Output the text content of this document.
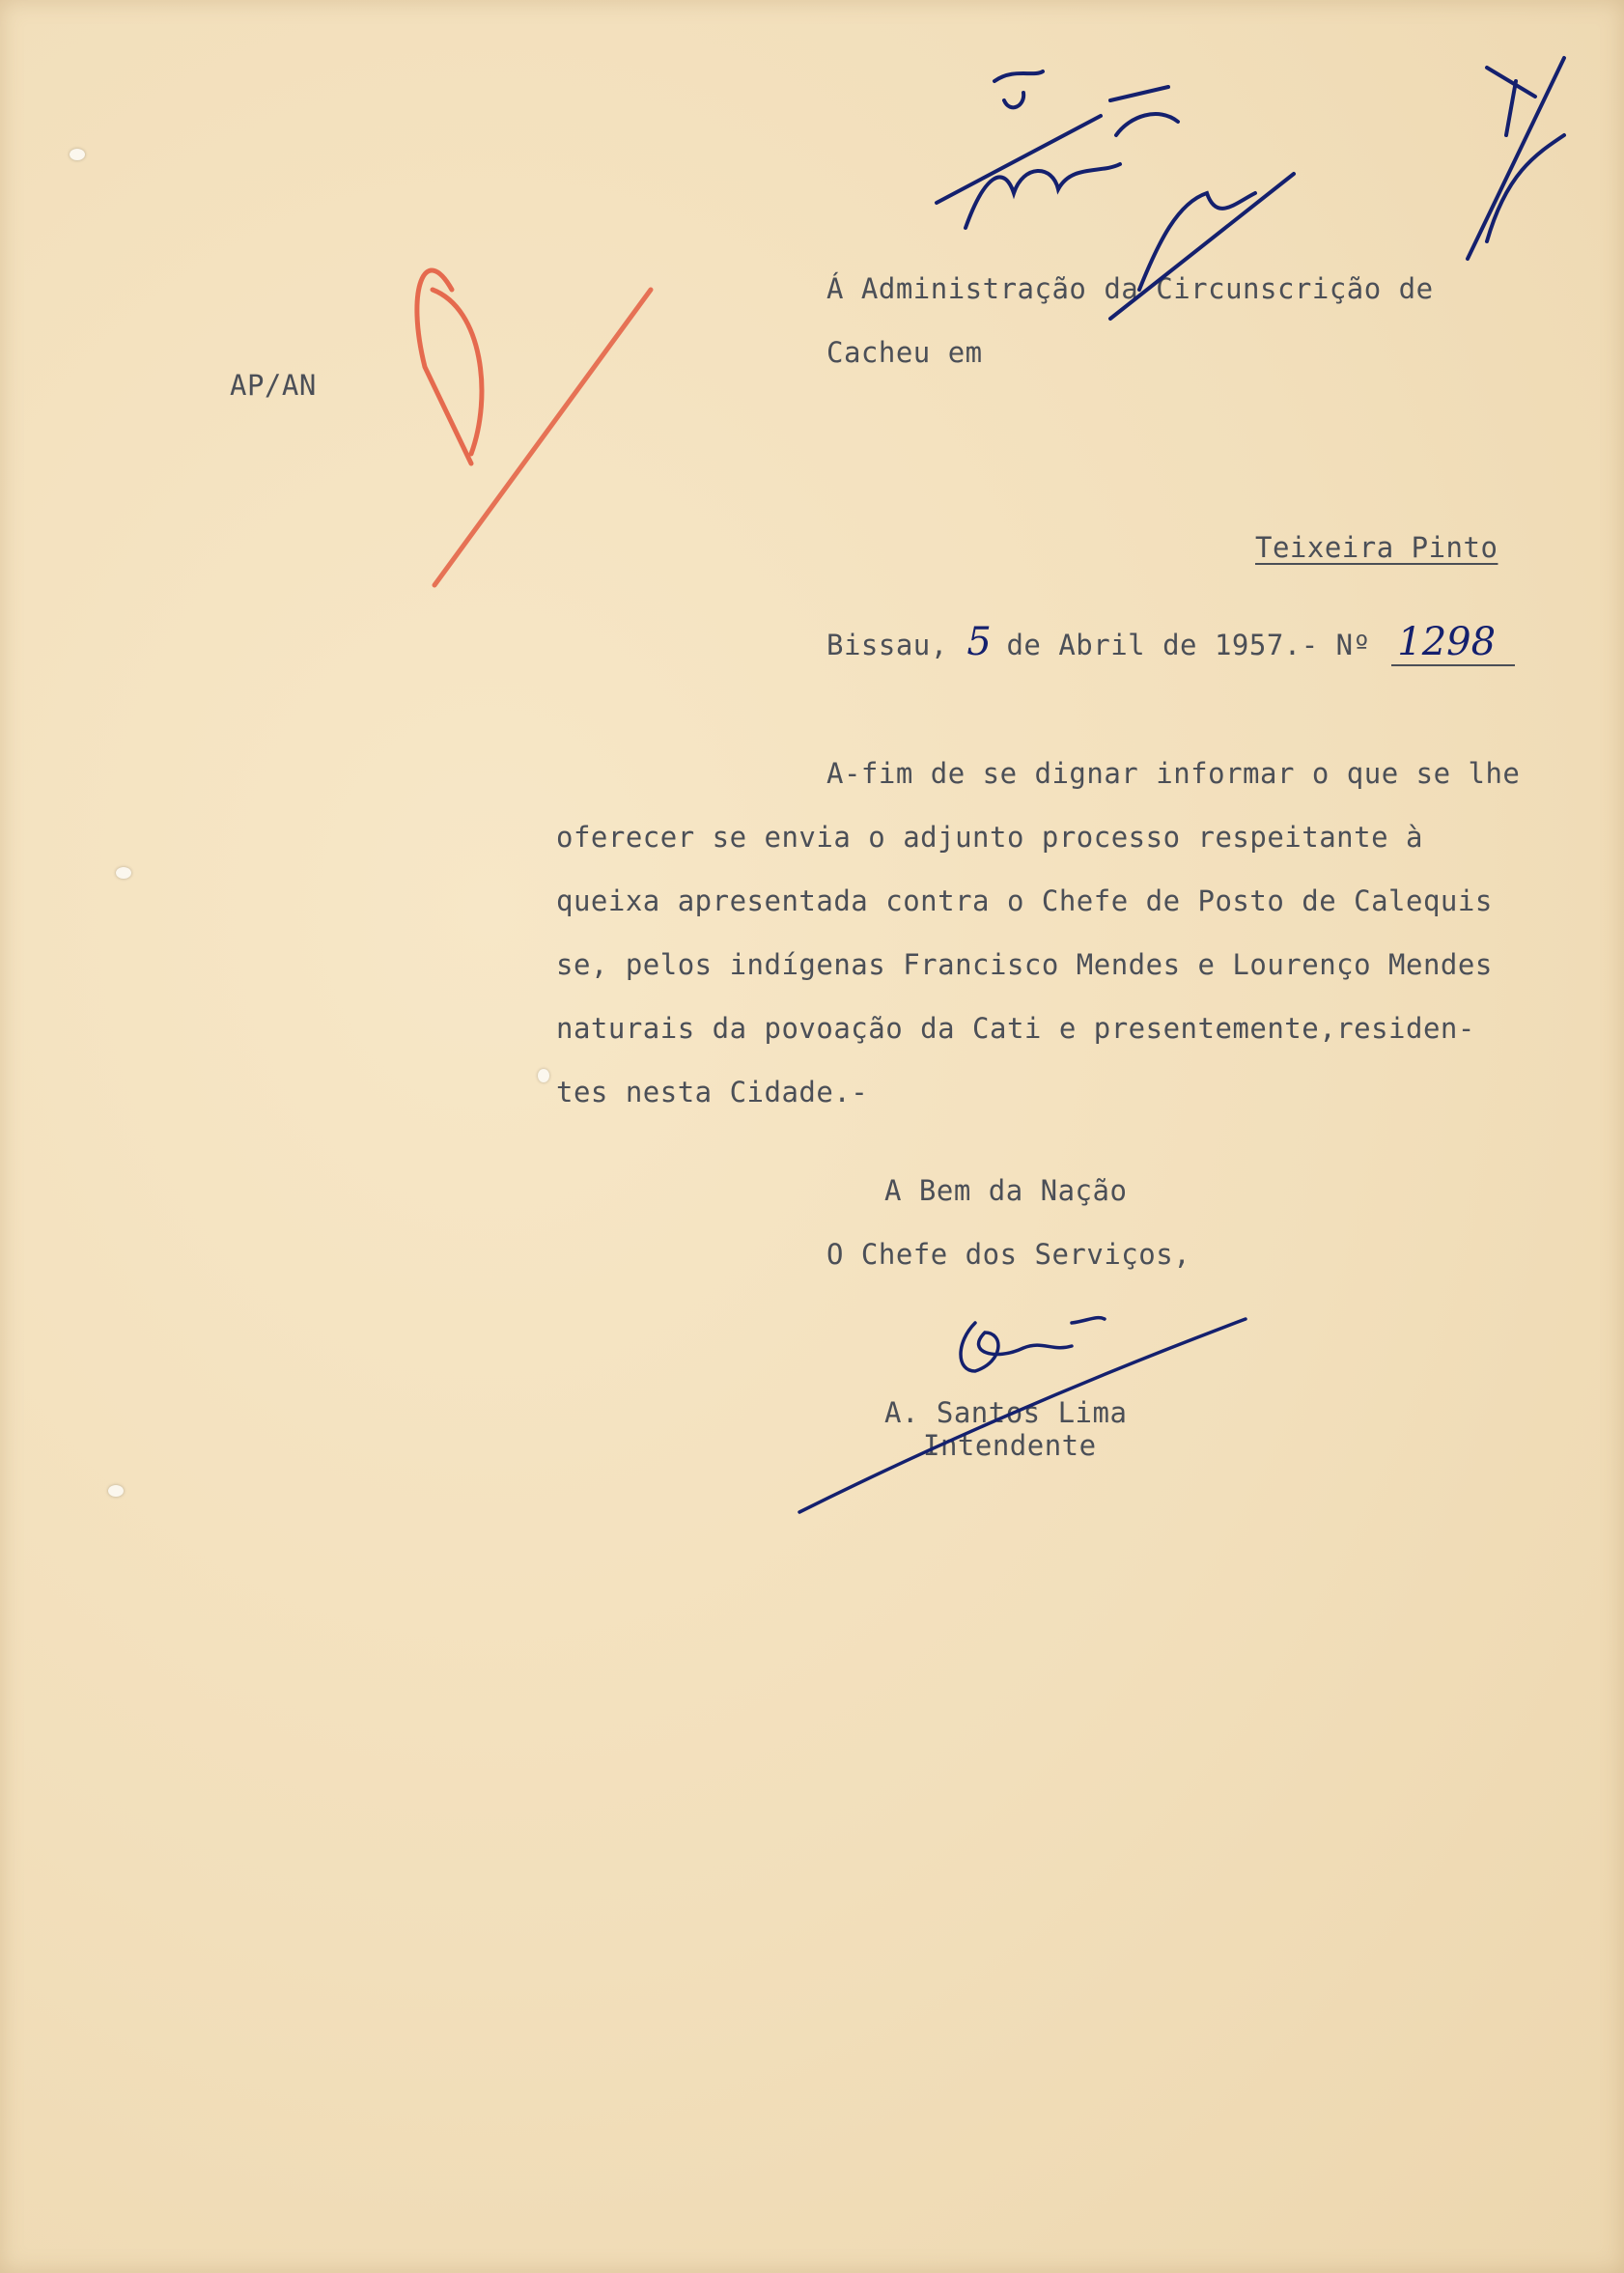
AP/AN
Á Administração da Circunscrição de
Cacheu em
Teixeira Pinto
Bissau, 5 de Abril de 1957.- Nº 1298
A-fim de se dignar informar o que se lhe
oferecer se envia o adjunto processo respeitante à
queixa apresentada contra o Chefe de Posto de Calequis
se, pelos indígenas Francisco Mendes e Lourenço Mendes
naturais da povoação da Cati e presentemente,residen-
tes nesta Cidade.-
A Bem da Nação
O Chefe dos Serviços,
A. Santos Lima
Intendente
